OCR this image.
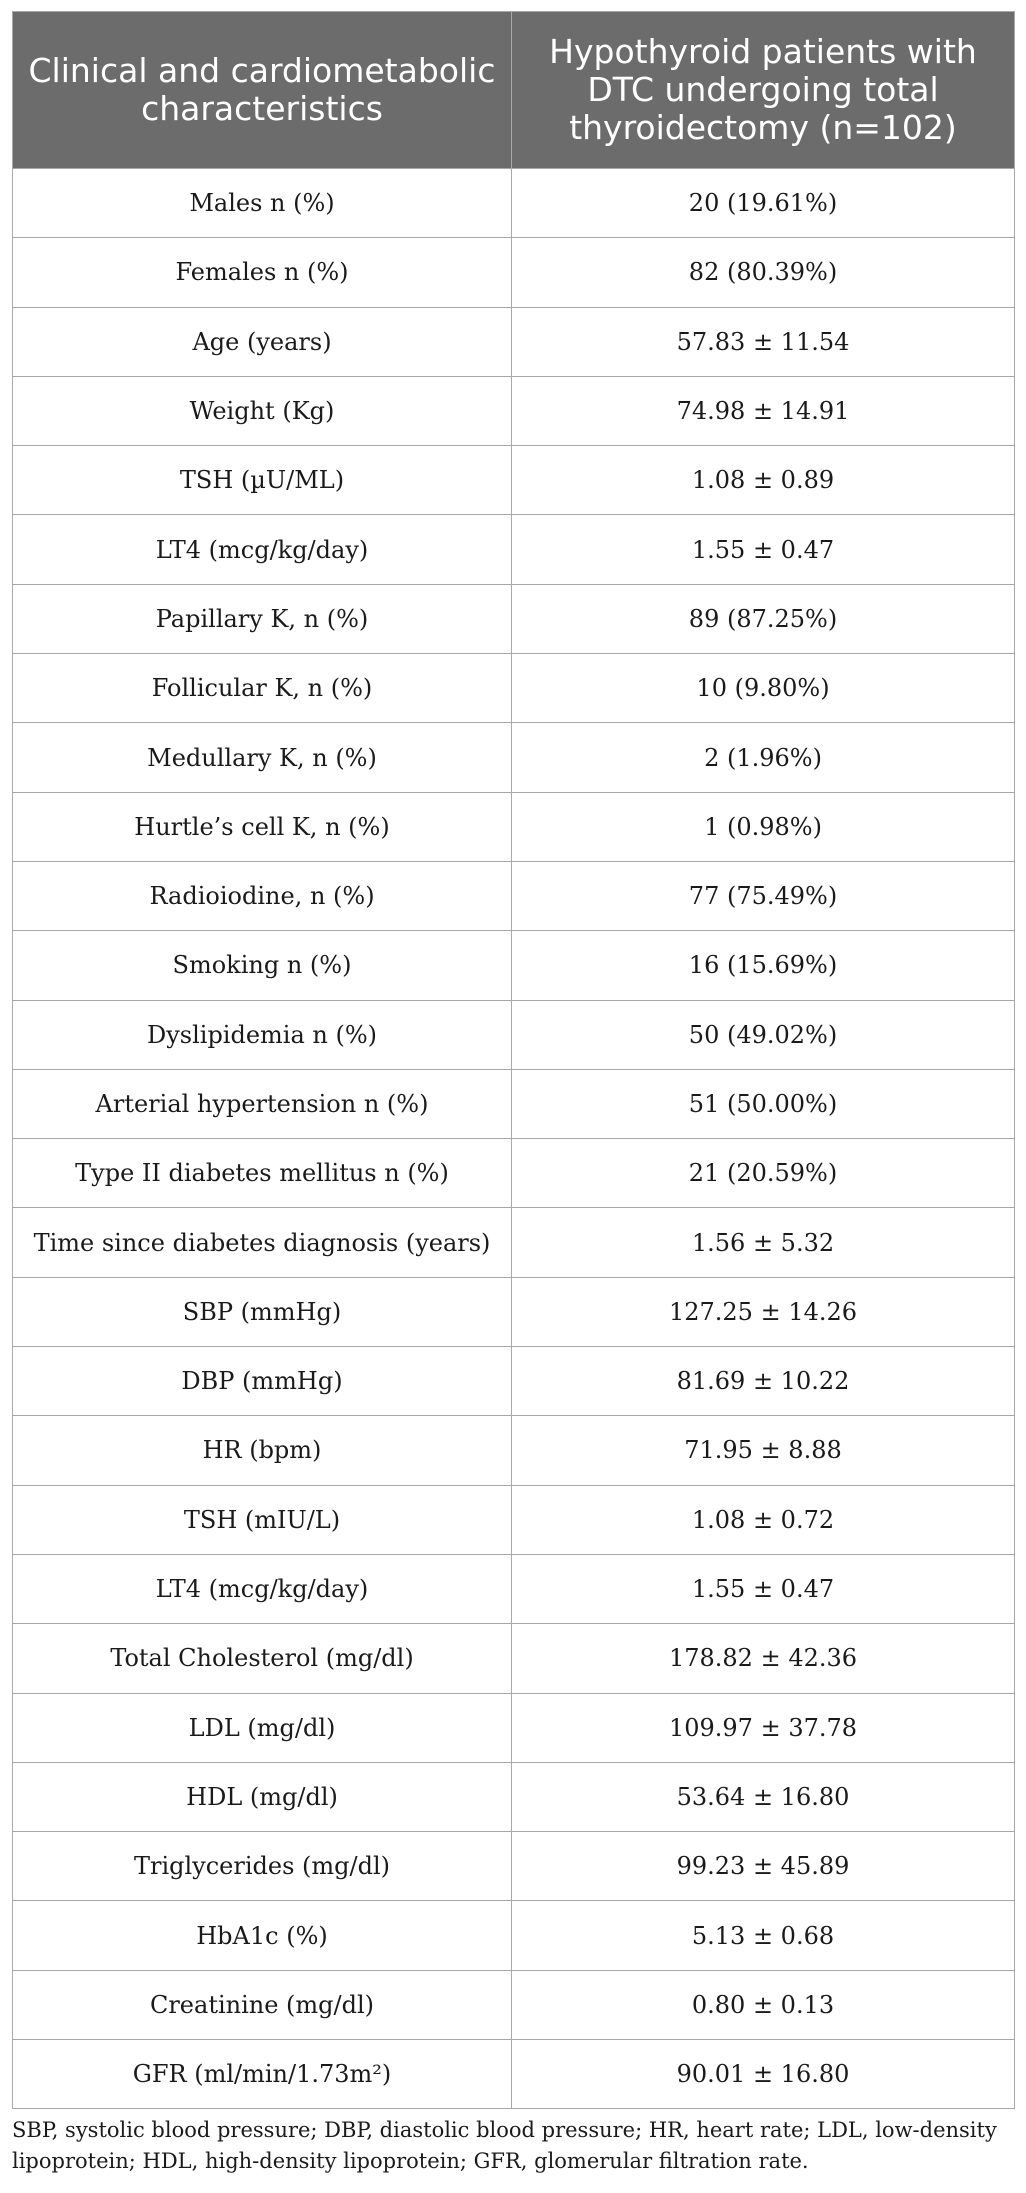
Clinical and cardiometabolic characteristics	Hypothyroid patients with DTC undergoing total thyroidectomy (n=102)
Males n (%)	20 (19.61%)
Females n (%)	82 (80.39%)
Age (years)	57.83 ± 11.54
Weight (Kg)	74.98 ± 14.91
TSH (µU/ML)	1.08 ± 0.89
LT4 (mcg/kg/day)	1.55 ± 0.47
Papillary K, n (%)	89 (87.25%)
Follicular K, n (%)	10 (9.80%)
Medullary K, n (%)	2 (1.96%)
Hurtle’s cell K, n (%)	1 (0.98%)
Radioiodine, n (%)	77 (75.49%)
Smoking n (%)	16 (15.69%)
Dyslipidemia n (%)	50 (49.02%)
Arterial hypertension n (%)	51 (50.00%)
Type II diabetes mellitus n (%)	21 (20.59%)
Time since diabetes diagnosis (years)	1.56 ± 5.32
SBP (mmHg)	127.25 ± 14.26
DBP (mmHg)	81.69 ± 10.22
HR (bpm)	71.95 ± 8.88
TSH (mIU/L)	1.08 ± 0.72
LT4 (mcg/kg/day)	1.55 ± 0.47
Total Cholesterol (mg/dl)	178.82 ± 42.36
LDL (mg/dl)	109.97 ± 37.78
HDL (mg/dl)	53.64 ± 16.80
Triglycerides (mg/dl)	99.23 ± 45.89
HbA1c (%)	5.13 ± 0.68
Creatinine (mg/dl)	0.80 ± 0.13
GFR (ml/min/1.73m²)	90.01 ± 16.80
SBP, systolic blood pressure; DBP, diastolic blood pressure; HR, heart rate; LDL, low-density lipoprotein; HDL, high-density lipoprotein; GFR, glomerular filtration rate.
